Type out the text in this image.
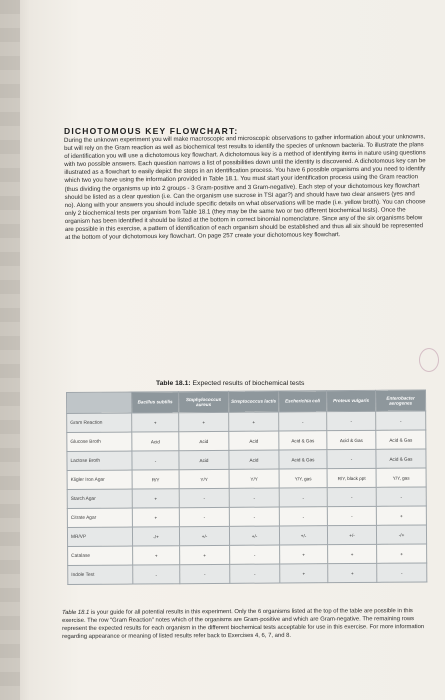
DICHOTOMOUS KEY FLOWCHART:
During the unknown experiment you will make macroscopic and microscopic observations to gather information about your unknowns, but will rely on the Gram reaction as well as biochemical test results to identify the species of unknown bacteria. To illustrate the plans of identification you will use a dichotomous key flowchart. A dichotomous key is a method of identifying items in nature using questions with two possible answers. Each question narrows a list of possibilities down until the identity is discovered. A dichotomous key can be illustrated as a flowchart to easily depict the steps in an identification process. You have 6 possible organisms and you need to identify which two you have using the information provided in Table 18.1. You must start your identification process using the Gram reaction (thus dividing the organisms up into 2 groups - 3 Gram-positive and 3 Gram-negative). Each step of your dichotomous key flowchart should be listed as a clear question (i.e. Can the organism use sucrose in TSI agar?) and should have two clear answers (yes and no). Along with your answers you should include specific details on what observations will be made (i.e. yellow broth). You can choose only 2 biochemical tests per organism from Table 18.1 (they may be the same two or two different biochemical tests). Once the organism has been identified it should be listed at the bottom in correct binomial nomenclature. Since any of the six organisms below are possible in this exercise, a pattern of identification of each organism should be established and thus all six should be represented at the bottom of your dichotomous key flowchart. On page 257 create your dichotomous key flowchart.
Table 18.1: Expected results of biochemical tests
	Bacillus subtilis	Staphylococcus aureus	Streptococcus lactis	Escherichia coli	Proteus vulgaris	Enterobacter aerogenes
Gram Reaction	+	+	+	-	-	-
Glucose Broth	Acid	Acid	Acid	Acid & Gas	Acid & Gas	Acid & Gas
Lactose Broth	-	Acid	Acid	Acid & Gas	-	Acid & Gas
Kligler Iron Agar	R/Y	Y/Y	Y/Y	Y/Y, gas	R/Y, black ppt	Y/Y, gas
Starch Agar	+	-	-	-	-	-
Citrate Agar	+	-	-	-	-	+
MR/VP	-/+	+/-	+/-	+/-	+/-	-/+
Catalase	+	+	-	+	+	+
Indole Test	-	-	-	+	+	-
Table 18.1 is your guide for all potential results in this experiment. Only the 6 organisms listed at the top of the table are possible in this exercise. The row "Gram Reaction" notes which of the organisms are Gram-positive and which are Gram-negative. The remaining rows represent the expected results for each organism in the different biochemical tests acceptable for use in this exercise. For more information regarding appearance or meaning of listed results refer back to Exercises 4, 6, 7, and 8.
